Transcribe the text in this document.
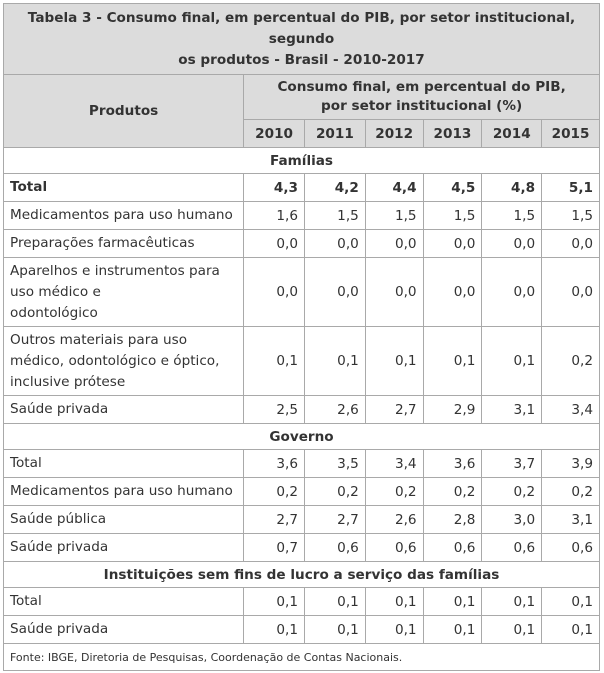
Tabela 3 - Consumo final, em percentual do PIB, por setor institucional, segundo
os produtos - Brasil - 2010-2017						
Produtos	Consumo final, em percentual do PIB,
por setor institucional (%)					
	2010	2011	2012	2013	2014	2015
Famílias						
Total	4,3	4,2	4,4	4,5	4,8	5,1
Medicamentos para uso humano	1,6	1,5	1,5	1,5	1,5	1,5
Preparações farmacêuticas	0,0	0,0	0,0	0,0	0,0	0,0
Aparelhos e instrumentos para
uso médico e
odontológico	0,0	0,0	0,0	0,0	0,0	0,0
Outros materiais para uso
médico, odontológico e óptico,
inclusive prótese	0,1	0,1	0,1	0,1	0,1	0,2
Saúde privada	2,5	2,6	2,7	2,9	3,1	3,4
Governo						
Total	3,6	3,5	3,4	3,6	3,7	3,9
Medicamentos para uso humano	0,2	0,2	0,2	0,2	0,2	0,2
Saúde pública	2,7	2,7	2,6	2,8	3,0	3,1
Saúde privada	0,7	0,6	0,6	0,6	0,6	0,6
Instituições sem fins de lucro a serviço das famílias						
Total	0,1	0,1	0,1	0,1	0,1	0,1
Saúde privada	0,1	0,1	0,1	0,1	0,1	0,1
Fonte: IBGE, Diretoria de Pesquisas, Coordenação de Contas Nacionais.						
